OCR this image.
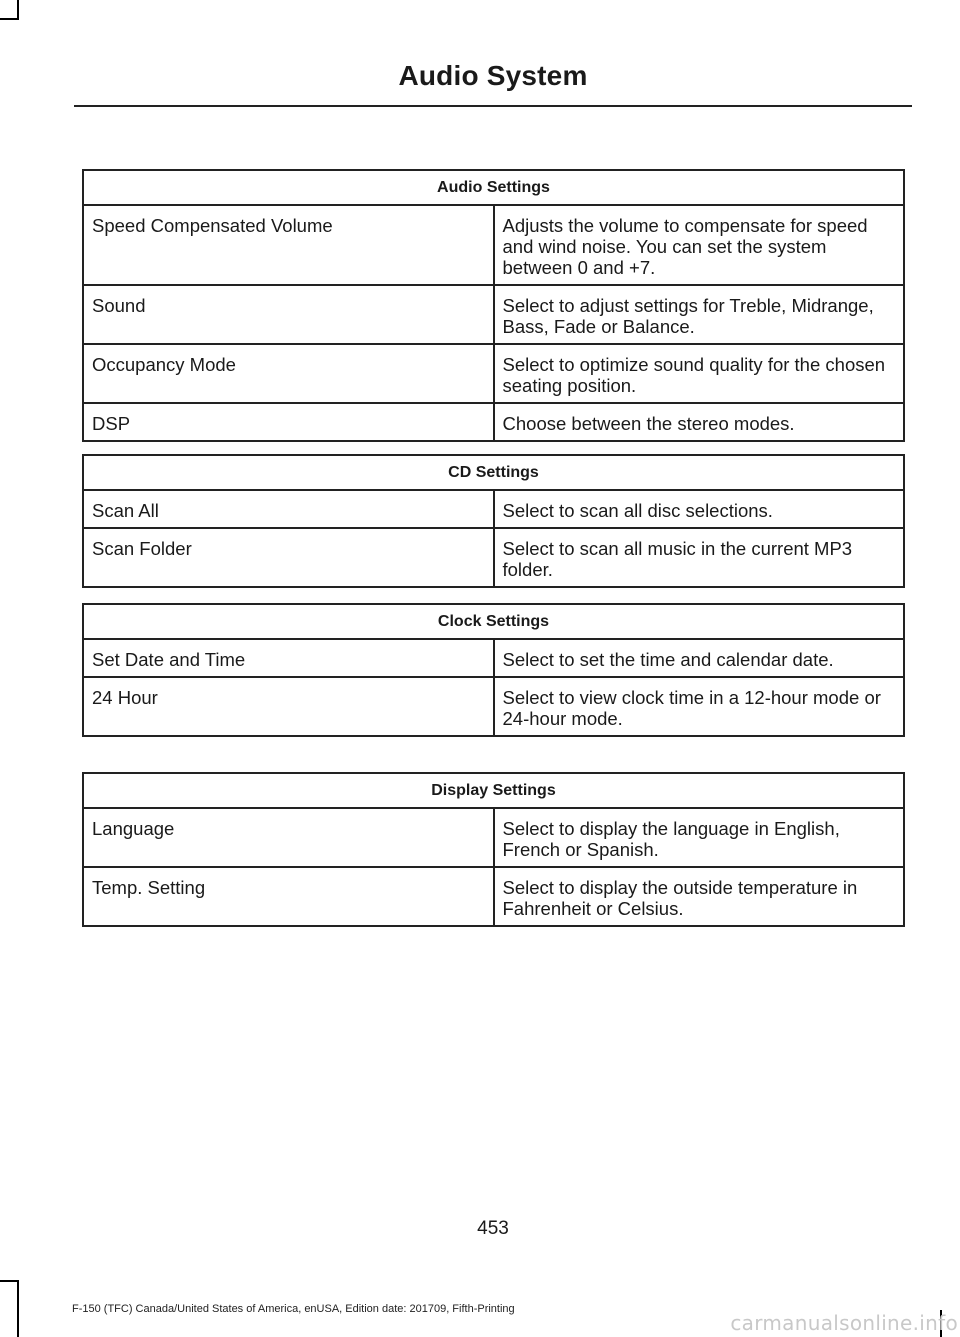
Audio System
Audio Settings	
Speed Compensated Volume	Adjusts the volume to compensate for speed and wind noise. You can set the system between 0 and +7.
Sound	Select to adjust settings for Treble, Midrange, Bass, Fade or Balance.
Occupancy Mode	Select to optimize sound quality for the chosen seating position.
DSP	Choose between the stereo modes.
CD Settings	
Scan All	Select to scan all disc selections.
Scan Folder	Select to scan all music in the current MP3 folder.
Clock Settings	
Set Date and Time	Select to set the time and calendar date.
24 Hour	Select to view clock time in a 12-hour mode or 24-hour mode.
Display Settings	
Language	Select to display the language in English, French or Spanish.
Temp. Setting	Select to display the outside temperature in Fahrenheit or Celsius.
453
F-150 (TFC) Canada/United States of America, enUSA, Edition date: 201709, Fifth-Printing
carmanualsonline.info
